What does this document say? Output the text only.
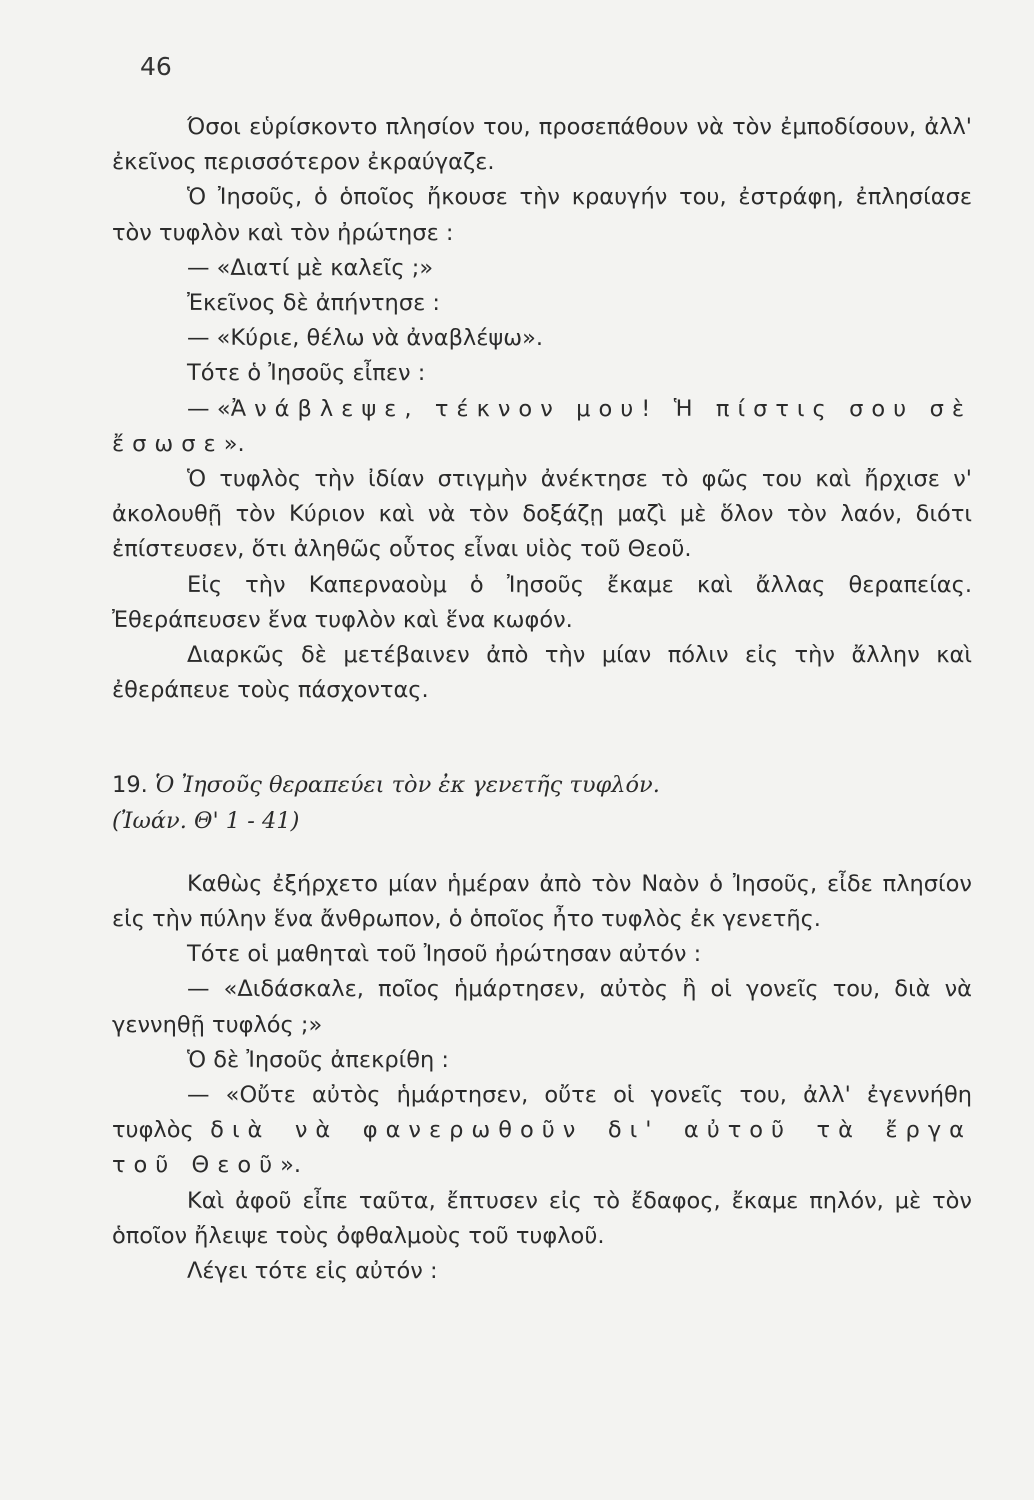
46

Όσοι εὑρίσκοντο πλησίον του, προσεπάθουν νὰ τὸν ἐμποδίσουν, ἀλλ' ἐκεῖνος περισσότερον ἐκραύγαζε.

Ὁ Ἰησοῦς, ὁ ὁποῖος ἤκουσε τὴν κραυγήν του, ἐστράφη, ἐπλησίασε τὸν τυφλὸν καὶ τὸν ἠρώτησε :

— «Διατί μὲ καλεῖς ;»

Ἐκεῖνος δὲ ἀπήντησε :

— «Κύριε, θέλω νὰ ἀναβλέψω».

Τότε ὁ Ἰησοῦς εἶπεν :

— «Ἀνάβλεψε, τέκνον μου! Ἡ πίστις σου σὲ ἔσωσε».

Ὁ τυφλὸς τὴν ἰδίαν στιγμὴν ἀνέκτησε τὸ φῶς του καὶ ἤρχισε ν' ἀκολουθῇ τὸν Κύριον καὶ νὰ τὸν δοξάζῃ μαζὶ μὲ ὅλον τὸν λαόν, διότι ἐπίστευσεν, ὅτι ἀληθῶς οὗτος εἶναι υἱὸς τοῦ Θεοῦ.

Εἰς τὴν Καπερναοὺμ ὁ Ἰησοῦς ἔκαμε καὶ ἄλλας θεραπείας. Ἐθεράπευσεν ἕνα τυφλὸν καὶ ἕνα κωφόν.

Διαρκῶς δὲ μετέβαινεν ἀπὸ τὴν μίαν πόλιν εἰς τὴν ἄλλην καὶ ἐθεράπευε τοὺς πάσχοντας.

19. Ὁ Ἰησοῦς θεραπεύει τὸν ἐκ γενετῆς τυφλόν.

(Ἰωάν. Θ' 1 - 41)

Καθὼς ἐξήρχετο μίαν ἡμέραν ἀπὸ τὸν Ναὸν ὁ Ἰησοῦς, εἶδε πλησίον εἰς τὴν πύλην ἕνα ἄνθρωπον, ὁ ὁποῖος ἦτο τυφλὸς ἐκ γενετῆς.

Τότε οἱ μαθηταὶ τοῦ Ἰησοῦ ἠρώτησαν αὐτόν :

— «Διδάσκαλε, ποῖος ἡμάρτησεν, αὐτὸς ἢ οἱ γονεῖς του, διὰ νὰ γεννηθῇ τυφλός ;»

Ὁ δὲ Ἰησοῦς ἀπεκρίθη :

— «Οὔτε αὐτὸς ἡμάρτησεν, οὔτε οἱ γονεῖς του, ἀλλ' ἐγεννήθη τυφλὸς διὰ νὰ φανερωθοῦν δι' αὐτοῦ τὰ ἔργα τοῦ Θεοῦ».

Καὶ ἀφοῦ εἶπε ταῦτα, ἔπτυσεν εἰς τὸ ἔδαφος, ἔκαμε πηλόν, μὲ τὸν ὁποῖον ἤλειψε τοὺς ὀφθαλμοὺς τοῦ τυφλοῦ.

Λέγει τότε εἰς αὐτόν :
